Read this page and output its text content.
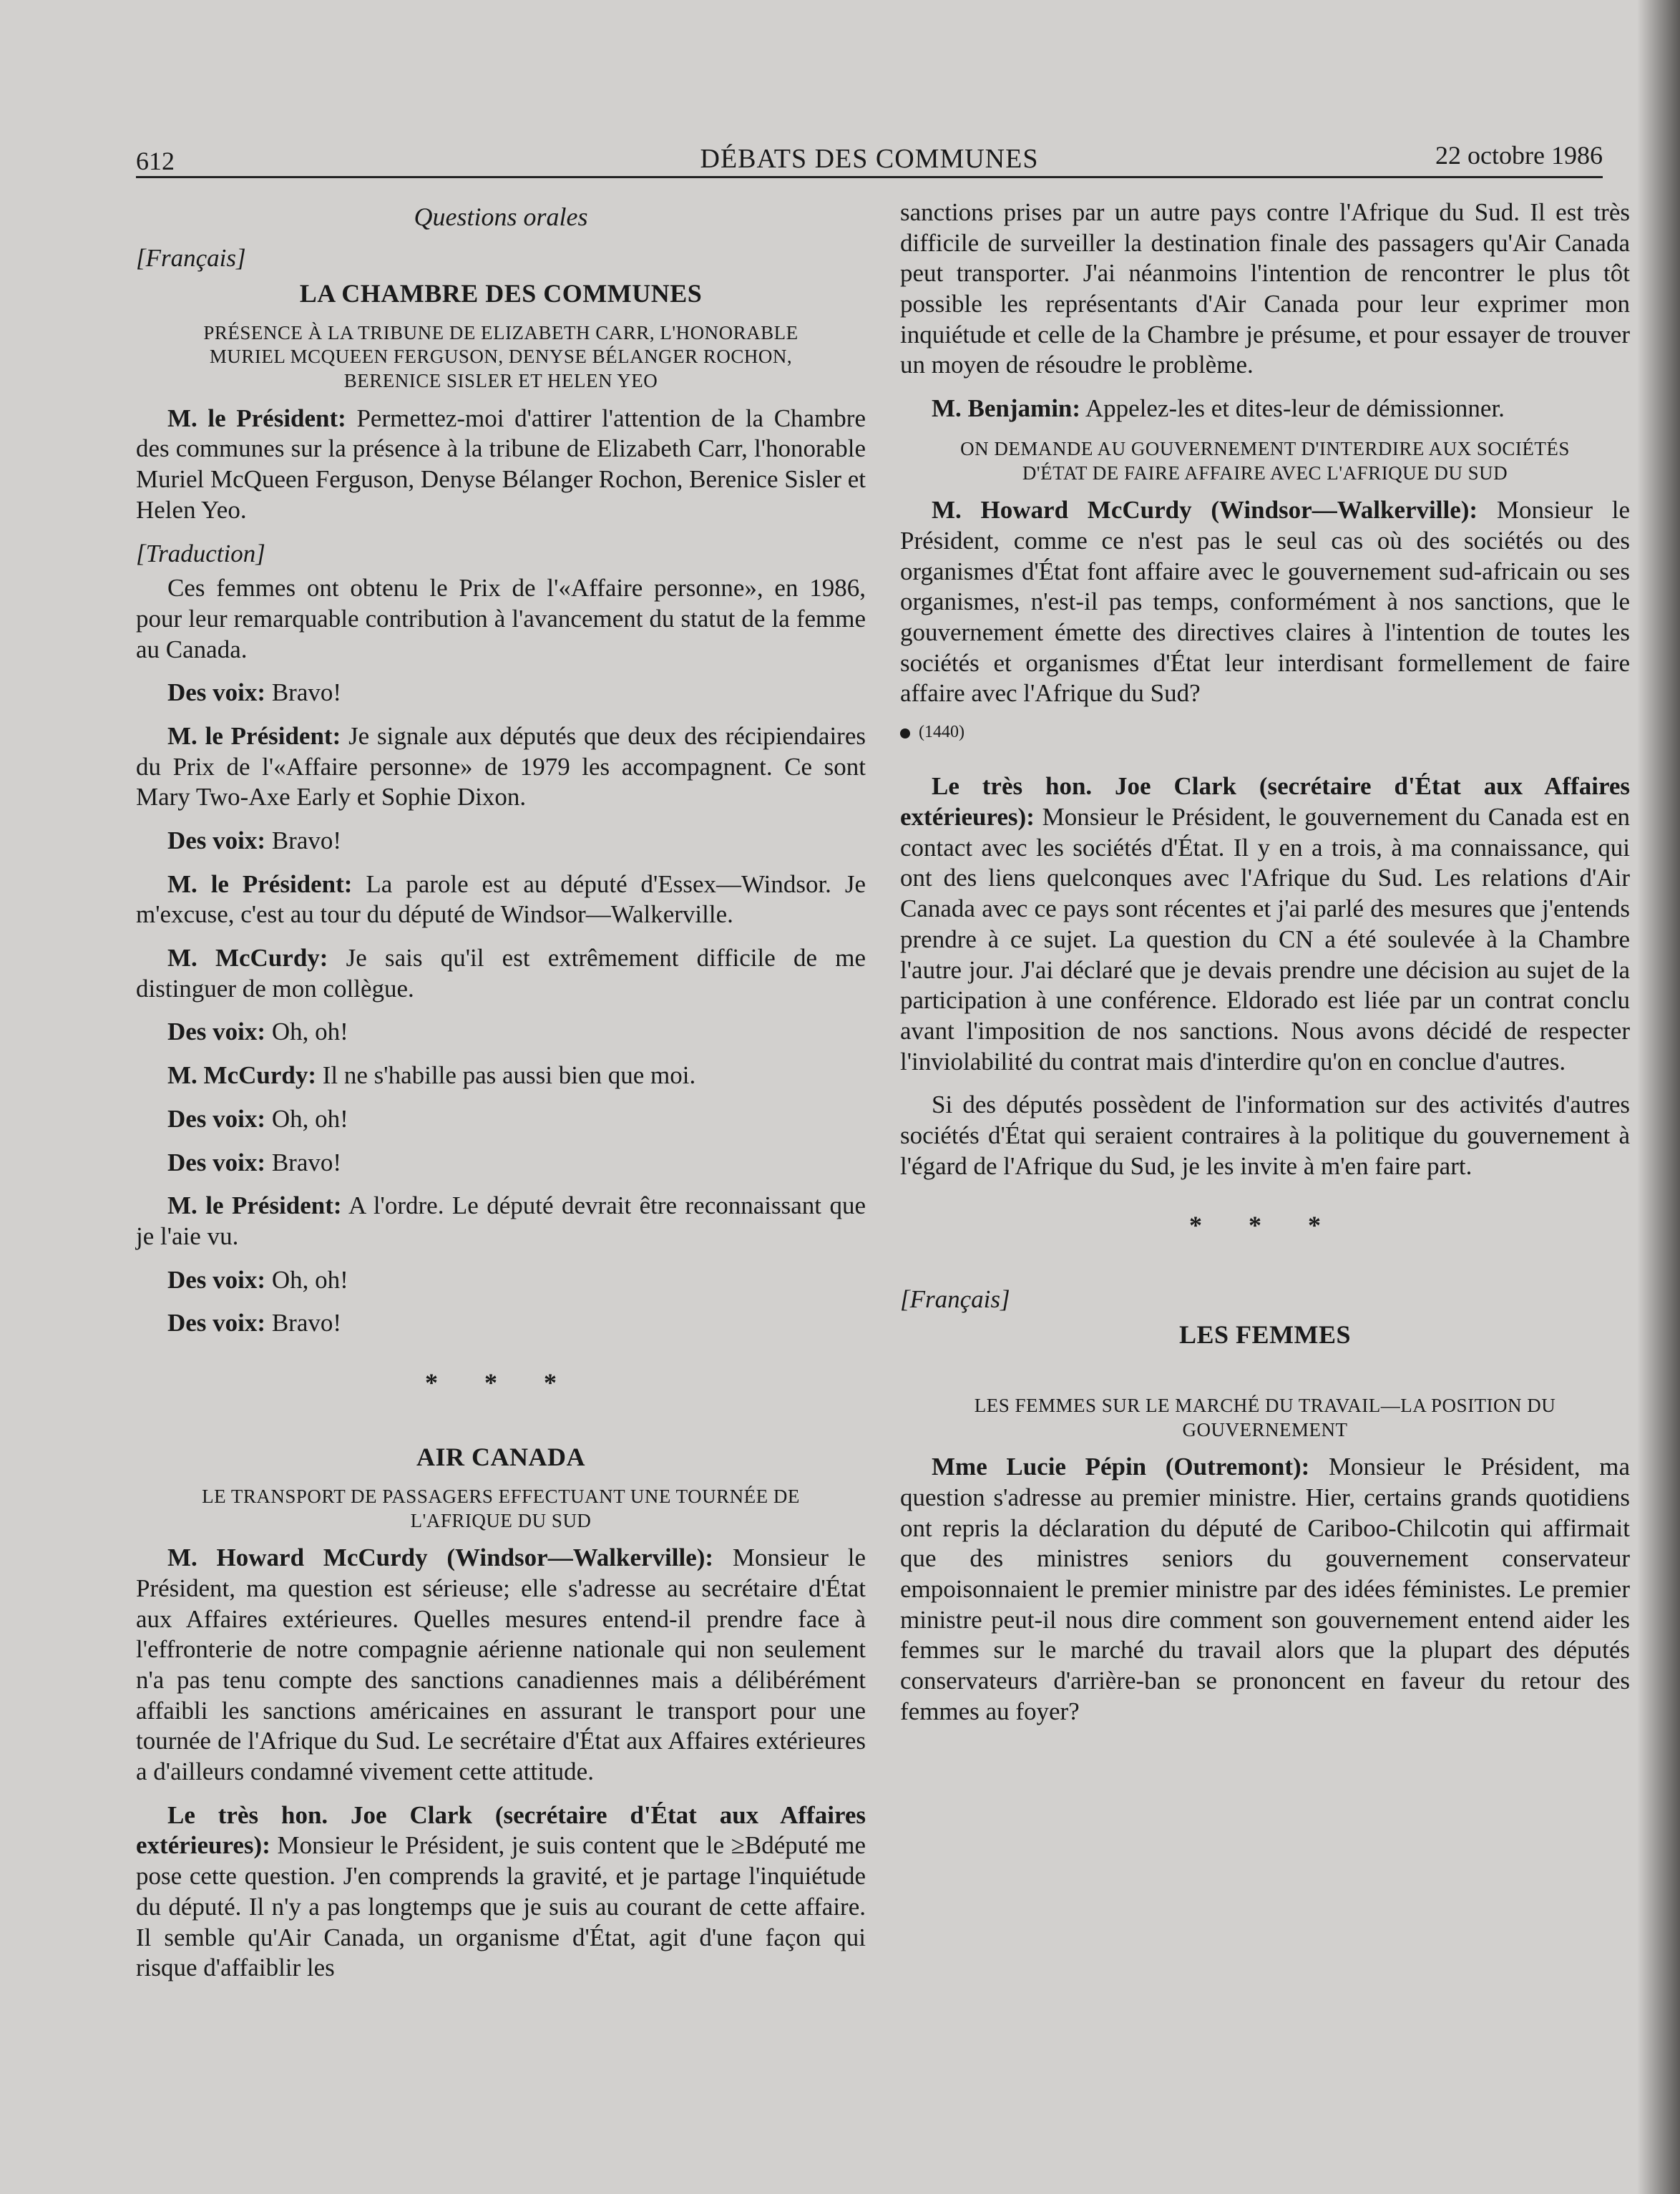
612	DÉBATS DES COMMUNES	22 octobre 1986
Questions orales
[Français]
LA CHAMBRE DES COMMUNES
PRÉSENCE À LA TRIBUNE DE ELIZABETH CARR, L'HONORABLE MURIEL MCQUEEN FERGUSON, DENYSE BÉLANGER ROCHON, BERENICE SISLER ET HELEN YEO

M. le Président: Permettez-moi d'attirer l'attention de la Chambre des communes sur la présence à la tribune de Elizabeth Carr, l'honorable Muriel McQueen Ferguson, Denyse Bélanger Rochon, Berenice Sisler et Helen Yeo.

[Traduction]

Ces femmes ont obtenu le Prix de l'«Affaire personne», en 1986, pour leur remarquable contribution à l'avancement du statut de la femme au Canada.

Des voix: Bravo!

M. le Président: Je signale aux députés que deux des récipiendaires du Prix de l'«Affaire personne» de 1979 les accompagnent. Ce sont Mary Two-Axe Early et Sophie Dixon.

Des voix: Bravo!

M. le Président: La parole est au député d'Essex—Windsor. Je m'excuse, c'est au tour du député de Windsor—Walkerville.

M. McCurdy: Je sais qu'il est extrêmement difficile de me distinguer de mon collègue.

Des voix: Oh, oh!

M. McCurdy: Il ne s'habille pas aussi bien que moi.

Des voix: Oh, oh!

Des voix: Bravo!

M. le Président: A l'ordre. Le député devrait être reconnaissant que je l'aie vu.

Des voix: Oh, oh!

Des voix: Bravo!

* * *
AIR CANADA
LE TRANSPORT DE PASSAGERS EFFECTUANT UNE TOURNÉE DE L'AFRIQUE DU SUD

M. Howard McCurdy (Windsor—Walkerville): Monsieur le Président, ma question est sérieuse; elle s'adresse au secrétaire d'État aux Affaires extérieures. Quelles mesures entend-il prendre face à l'effronterie de notre compagnie aérienne nationale qui non seulement n'a pas tenu compte des sanctions canadiennes mais a délibérément affaibli les sanctions américaines en assurant le transport pour une tournée de l'Afrique du Sud. Le secrétaire d'État aux Affaires extérieures a d'ailleurs condamné vivement cette attitude.

Le très hon. Joe Clark (secrétaire d'État aux Affaires extérieures): Monsieur le Président, je suis content que le ≥Bdéputé me pose cette question. J'en comprends la gravité, et je partage l'inquiétude du député. Il n'y a pas longtemps que je suis au courant de cette affaire. Il semble qu'Air Canada, un organisme d'État, agit d'une façon qui risque d'affaiblir les

sanctions prises par un autre pays contre l'Afrique du Sud. Il est très difficile de surveiller la destination finale des passagers qu'Air Canada peut transporter. J'ai néanmoins l'intention de rencontrer le plus tôt possible les représentants d'Air Canada pour leur exprimer mon inquiétude et celle de la Chambre je présume, et pour essayer de trouver un moyen de résoudre le problème.

M. Benjamin: Appelez-les et dites-leur de démissionner.

ON DEMANDE AU GOUVERNEMENT D'INTERDIRE AUX SOCIÉTÉS D'ÉTAT DE FAIRE AFFAIRE AVEC L'AFRIQUE DU SUD

M. Howard McCurdy (Windsor—Walkerville): Monsieur le Président, comme ce n'est pas le seul cas où des sociétés ou des organismes d'État font affaire avec le gouvernement sud-africain ou ses organismes, n'est-il pas temps, conformément à nos sanctions, que le gouvernement émette des directives claires à l'intention de toutes les sociétés et organismes d'État leur interdisant formellement de faire affaire avec l'Afrique du Sud?

(1440)

Le très hon. Joe Clark (secrétaire d'État aux Affaires extérieures): Monsieur le Président, le gouvernement du Canada est en contact avec les sociétés d'État. Il y en a trois, à ma connaissance, qui ont des liens quelconques avec l'Afrique du Sud. Les relations d'Air Canada avec ce pays sont récentes et j'ai parlé des mesures que j'entends prendre à ce sujet. La question du CN a été soulevée à la Chambre l'autre jour. J'ai déclaré que je devais prendre une décision au sujet de la participation à une conférence. Eldorado est liée par un contrat conclu avant l'imposition de nos sanctions. Nous avons décidé de respecter l'inviolabilité du contrat mais d'interdire qu'on en conclue d'autres.

Si des députés possèdent de l'information sur des activités d'autres sociétés d'État qui seraient contraires à la politique du gouvernement à l'égard de l'Afrique du Sud, je les invite à m'en faire part.

* * *
[Français]
LES FEMMES
LES FEMMES SUR LE MARCHÉ DU TRAVAIL—LA POSITION DU GOUVERNEMENT

Mme Lucie Pépin (Outremont): Monsieur le Président, ma question s'adresse au premier ministre. Hier, certains grands quotidiens ont repris la déclaration du député de Cariboo-Chilcotin qui affirmait que des ministres seniors du gouvernement conservateur empoisonnaient le premier ministre par des idées féministes. Le premier ministre peut-il nous dire comment son gouvernement entend aider les femmes sur le marché du travail alors que la plupart des députés conservateurs d'arrière-ban se prononcent en faveur du retour des femmes au foyer?
